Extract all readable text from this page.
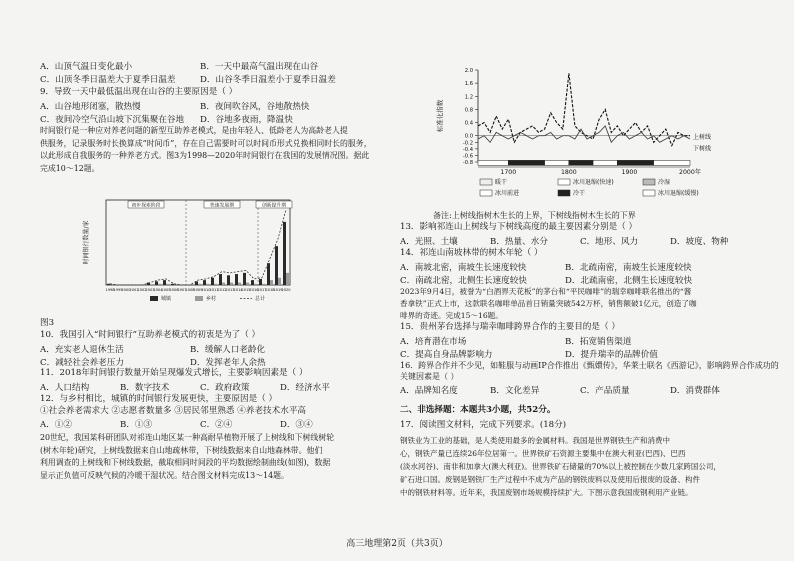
A．山顶气温日变化最小	B．一天中最高气温出现在山谷
C．山顶冬季日温差大于夏季日温差	D．山谷冬季日温差小于夏季日温差
9．导致一天中最低温出现在山谷的主要原因是（ ）
A．山谷地形闭塞，散热慢	B．夜间吹谷风，谷地散热快
C．夜间冷空气沿山坡下沉集聚在谷地 D．谷地多夜雨，降温快
时间银行是一种应对养老问题的新型互助养老模式，是由年轻人、低龄老人为高龄老人提
供服务，记录服务时长换算成“时间币”，存在自己需要时可以时间币形式兑换相同时长的服务，
以此形成自我服务的一种养老方式。图3为1998—2020年时间银行在我国的发展情况图。据此
完成10～12题。
初步探索阶段	快速发展期	创新提升期
时间银行数量/家
1998
1999
2000
2001
2002
2003
2004
2005
2006
2007
2008
2009
2010
2011
2012
2013
2014
2015
2016
2017
2018
2019
2020
城镇	乡村	总计
图3
10．我国引入“时间银行”互助养老模式的初衷是为了（ ）
A．充实老人退休生活	B．缓解人口老龄化
C．减轻社会养老压力	D．发挥老年人余热
11．2018年时间银行数量开始呈现爆发式增长，主要影响因素是（ ）
A．人口结构	B．数字技术	C．政府政策	D．经济水平
12．与乡村相比，城镇的时间银行发展更快，主要原因是（ ）
①社会养老需求大 ②志愿者数量多 ③居民邻里熟悉 ④养老技术水平高
A．①②	B．①③	C．②④	D．③④
20世纪，我国某科研团队对祁连山地区某一种高耐旱植物开展了上树线和下树线树轮
(树木年轮)研究，上树线数据来自山地疏林带，下树线数据来自山地森林带。他们
利用调查的上树线和下树线数据，截取相同时间段的平均数据绘制曲线(如图)，数据
显示正负值可反映气候的冷暖干湿状况。结合图文材料完成13～14题。
2.0
1.6
1.2
0.8
0.4
0.0
-0.2
-0.4
-0.6
-0.8
标准化指数
上树线
下树线
1700	1800	1900	2000年
暖干	冰川退缩(快速)	冷湿
冰川前进	冷干	冰川退缩(缓慢)
备注:上树线指树木生长的上界，下树线指树木生长的下界
13．影响祁连山上树线与下树线高度的最主要因素分别是（ ）
A．光照、土壤	B．热量、水分	C．地形、风力	D．坡度、物种
14．祁连山南坡林带的树木年轮（ ）
A．南坡北密，南坡生长速度较快	B．北疏南密，南坡生长速度较快
C．南疏北密，北侧生长速度较快	D．北疏南密，北侧生长速度较快
2023年9月4日，被誉为“白酒界天花板”的茅台和“平民咖啡”的瑞幸咖啡联名推出的“酱
香拿铁”正式上市，这款联名咖啡单品首日销量突破542万杯，销售额破1亿元，创造了咖
啡界的奇迹。完成15～16题。
15．贵州茅台选择与瑞幸咖啡跨界合作的主要目的是（ ）
A．培育潜在市场	B．拓宽销售渠道
C．提高自身品牌影响力	D．提升瑞幸的品牌价值
16．跨界合作并不少见，如鞋服与动画IP合作推出《甄嬛传》，华莱士联名《西游记》，影响跨界合作成功的关键因素是（ ）
A．品牌知名度	B．文化差异	C．产品质量	D．消费群体
二、非选择题：本题共3小题，共52分。
17．阅读图文材料，完成下列要求。(18分)
钢铁业为工业的基础，是人类使用最多的金属材料。我国是世界钢铁生产和消费中
心，钢铁产量已连续26年位居第一。世界铁矿石资源主要集中在澳大利亚(巴西)、巴西
(淡水河谷)、南非和加拿大(澳大利亚)。世界铁矿石储量的70%以上被控制在少数几家跨国公司，
矿石进口国。废钢是钢铁厂生产过程中不成为产品的钢铁废料以及使用后报废的设备、构件
中的钢铁材料等。近年来，我国废钢市场规模持续扩大。下图示意我国废钢利用产业链。
高三地理第2页（共3页）
